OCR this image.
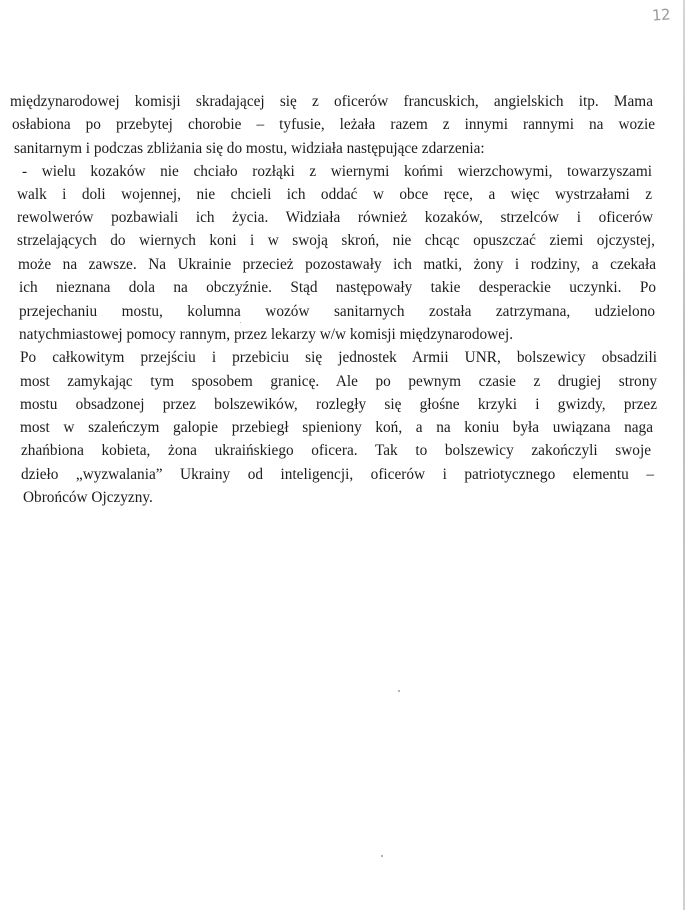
12

międzynarodowej komisji skradającej się z oficerów francuskich, angielskich itp. Mama

osłabiona po przebytej chorobie – tyfusie, leżała razem z innymi rannymi na wozie

sanitarnym i podczas zbliżania się do mostu, widziała następujące zdarzenia:

- wielu kozaków nie chciało rozłąki z wiernymi końmi wierzchowymi, towarzyszami

walk i doli wojennej, nie chcieli ich oddać w obce ręce, a więc wystrzałami z

rewolwerów pozbawiali ich życia. Widziała również kozaków, strzelców i oficerów

strzelających do wiernych koni i w swoją skroń, nie chcąc opuszczać ziemi ojczystej,

może na zawsze. Na Ukrainie przecież pozostawały ich matki, żony i rodziny, a czekała

ich nieznana dola na obczyźnie. Stąd następowały takie desperackie uczynki. Po

przejechaniu mostu, kolumna wozów sanitarnych została zatrzymana, udzielono

natychmiastowej pomocy rannym, przez lekarzy w/w komisji międzynarodowej.

Po całkowitym przejściu i przebiciu się jednostek Armii UNR, bolszewicy obsadzili

most zamykając tym sposobem granicę. Ale po pewnym czasie z drugiej strony

mostu obsadzonej przez bolszewików, rozległy się głośne krzyki i gwizdy, przez

most w szaleńczym galopie przebiegł spieniony koń, a na koniu była uwiązana naga

zhańbiona kobieta, żona ukraińskiego oficera. Tak to bolszewicy zakończyli swoje

dzieło „wyzwalania” Ukrainy od inteligencji, oficerów i patriotycznego elementu –

Obrońców Ojczyzny.
